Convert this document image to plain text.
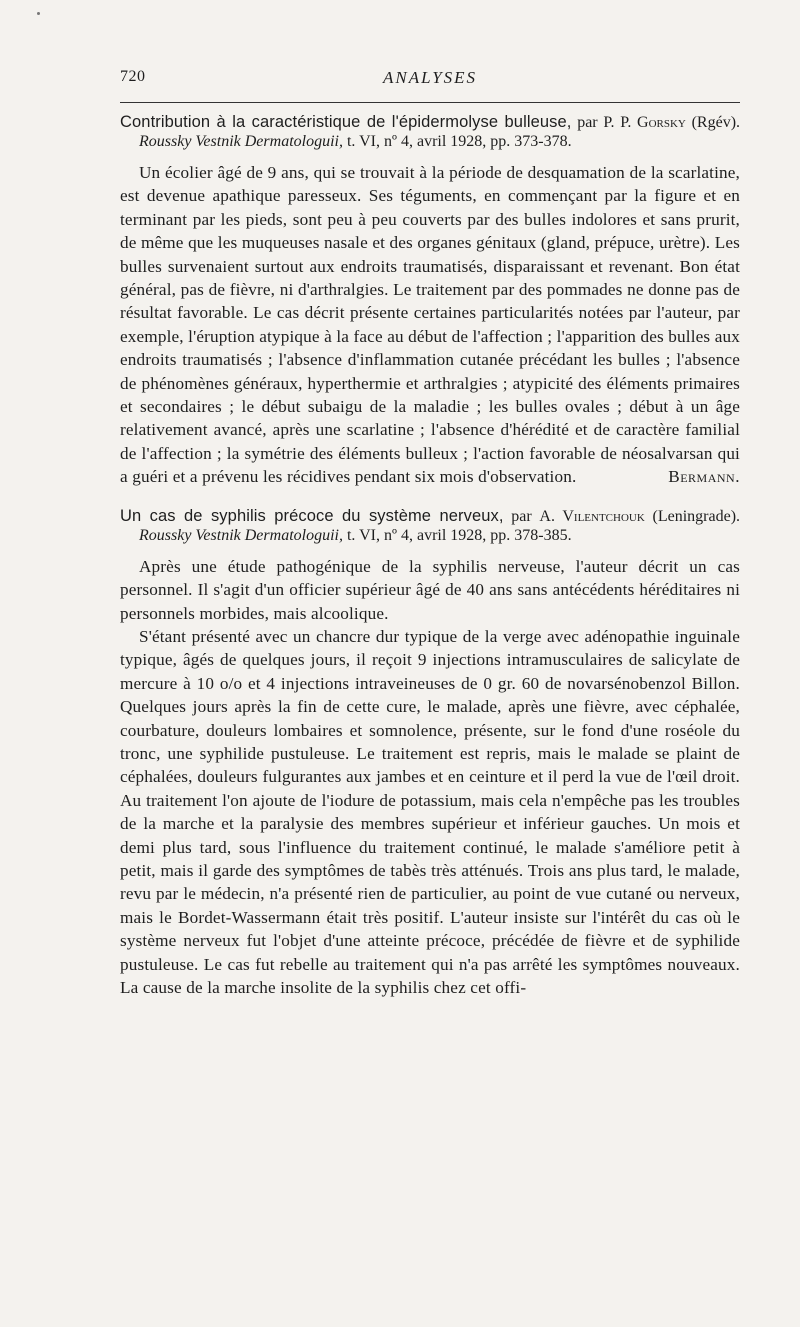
720	ANALYSES
Contribution à la caractéristique de l'épidermolyse bulleuse, par P. P. Gorsky (Rgév). Roussky Vestnik Dermatologuii, t. VI, nº 4, avril 1928, pp. 373-378.

Un écolier âgé de 9 ans, qui se trouvait à la période de desquamation de la scarlatine, est devenue apathique paresseux. Ses téguments, en commençant par la figure et en terminant par les pieds, sont peu à peu couverts par des bulles indolores et sans prurit, de même que les muqueuses nasale et des organes génitaux (gland, prépuce, urètre). Les bulles survenaient surtout aux endroits traumatisés, disparaissant et revenant. Bon état général, pas de fièvre, ni d'arthralgies. Le traitement par des pommades ne donne pas de résultat favorable. Le cas décrit présente certaines particularités notées par l'auteur, par exemple, l'éruption atypique à la face au début de l'affection ; l'apparition des bulles aux endroits traumatisés ; l'absence d'inflammation cutanée précédant les bulles ; l'absence de phénomènes généraux, hyperthermie et arthralgies ; atypicité des éléments primaires et secondaires ; le début subaigu de la maladie ; les bulles ovales ; début à un âge relativement avancé, après une scarlatine ; l'absence d'hérédité et de caractère familial de l'affection ; la symétrie des éléments bulleux ; l'action favorable de néosalvarsan qui a guéri et a prévenu les récidives pendant six mois d'observation.	Bermann.

Un cas de syphilis précoce du système nerveux, par A. Vilentchouk (Leningrade). Roussky Vestnik Dermatologuii, t. VI, nº 4, avril 1928, pp. 378-385.

Après une étude pathogénique de la syphilis nerveuse, l'auteur décrit un cas personnel. Il s'agit d'un officier supérieur âgé de 40 ans sans antécédents héréditaires ni personnels morbides, mais alcoolique.

S'étant présenté avec un chancre dur typique de la verge avec adénopathie inguinale typique, âgés de quelques jours, il reçoit 9 injections intramusculaires de salicylate de mercure à 10 o/o et 4 injections intraveineuses de 0 gr. 60 de novarsénobenzol Billon. Quelques jours après la fin de cette cure, le malade, après une fièvre, avec céphalée, courbature, douleurs lombaires et somnolence, présente, sur le fond d'une roséole du tronc, une syphilide pustuleuse. Le traitement est repris, mais le malade se plaint de céphalées, douleurs fulgurantes aux jambes et en ceinture et il perd la vue de l'œil droit. Au traitement l'on ajoute de l'iodure de potassium, mais cela n'empêche pas les troubles de la marche et la paralysie des membres supérieur et inférieur gauches. Un mois et demi plus tard, sous l'influence du traitement continué, le malade s'améliore petit à petit, mais il garde des symptômes de tabès très atténués. Trois ans plus tard, le malade, revu par le médecin, n'a présenté rien de particulier, au point de vue cutané ou nerveux, mais le Bordet-Wassermann était très positif. L'auteur insiste sur l'intérêt du cas où le système nerveux fut l'objet d'une atteinte précoce, précédée de fièvre et de syphilide pustuleuse. Le cas fut rebelle au traitement qui n'a pas arrêté les symptômes nouveaux. La cause de la marche insolite de la syphilis chez cet offi-
